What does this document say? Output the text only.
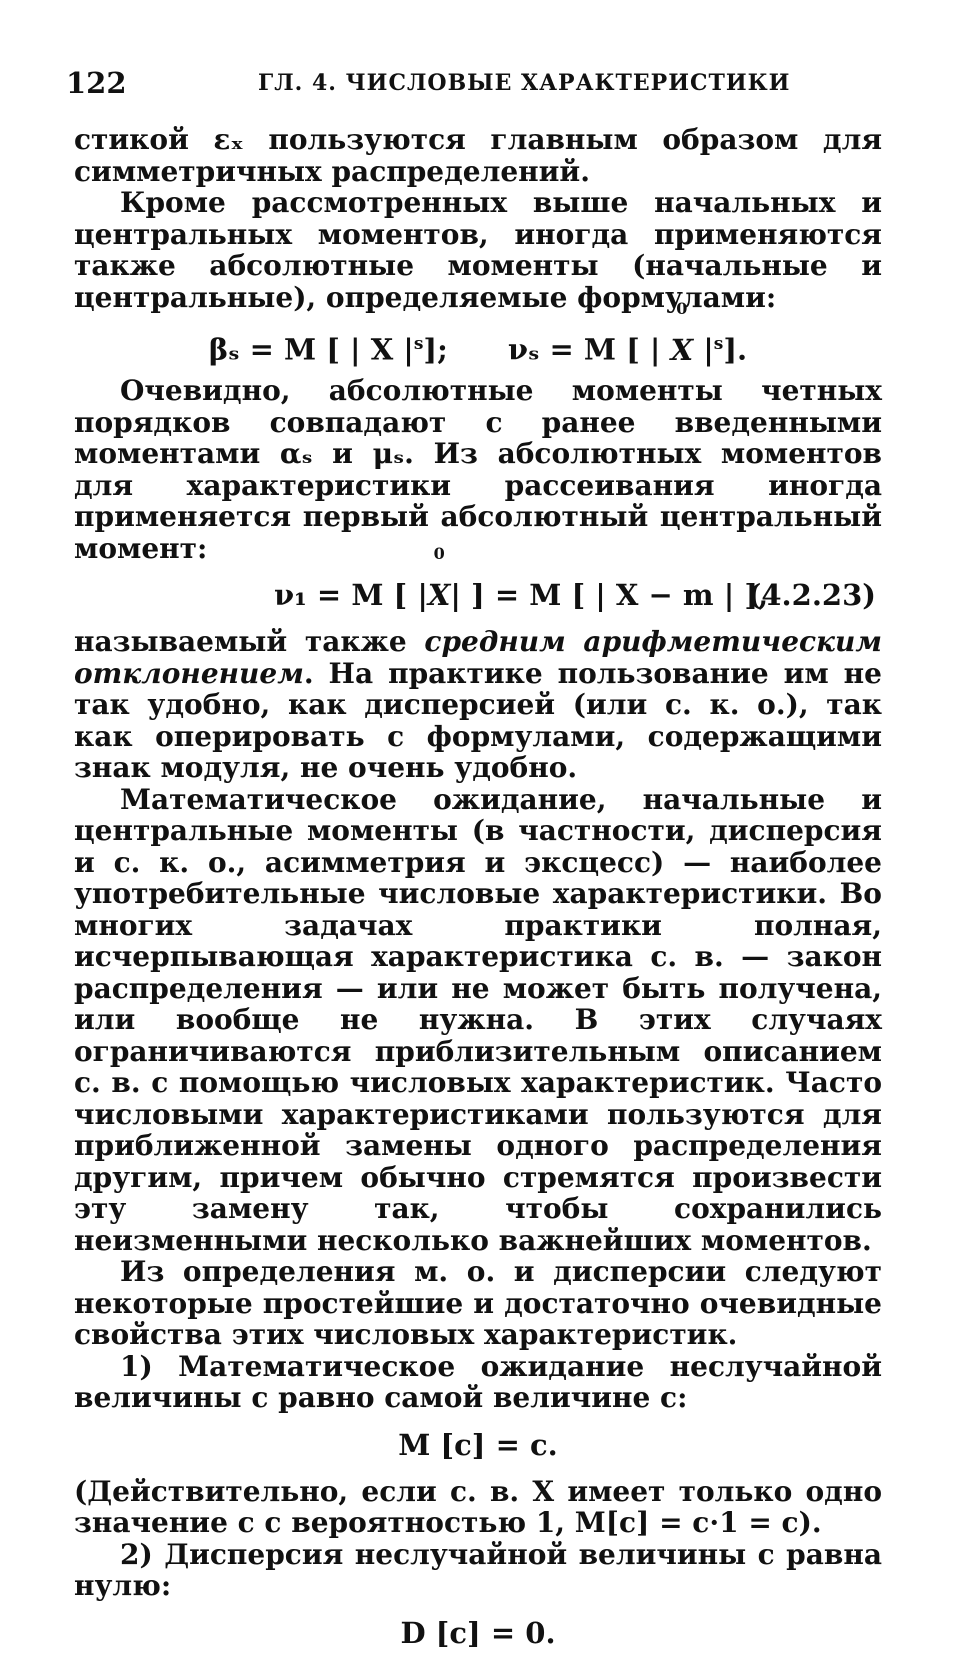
122	ГЛ. 4. ЧИСЛОВЫЕ ХАРАКТЕРИСТИКИ

стикой εₓ пользуются главным образом для симметричных распределений.

Кроме рассмотренных выше начальных и центральных моментов, иногда применяются также абсолютные моменты (начальные и центральные), определяемые формулами:

βₛ = M [ | X $|^s$]; νₛ = M [ | X 0 $|^s$].

Очевидно, абсолютные моменты четных порядков совпадают с ранее введенными моментами αₛ и μₛ. Из абсолютных моментов для характеристики рассеивания иногда применяется первый абсолютный центральный момент:

ν₁ = M [ | X 0 | ] = M [ | X − m | ],
(4.2.23)

называемый также средним арифметическим отклонением. На практике пользование им не так удобно, как дисперсией (или с. к. о.), так как оперировать с формулами, содержащими знак модуля, не очень удобно.

Математическое ожидание, начальные и центральные моменты (в частности, дисперсия и с. к. о., асимметрия и эксцесс) — наиболее употребительные числовые характеристики. Во многих задачах практики полная, исчерпывающая характеристика с. в. — закон распределения — или не может быть получена, или вообще не нужна. В этих случаях ограничиваются приблизительным описанием с. в. с помощью числовых характеристик. Часто числовыми характеристиками пользуются для приближенной замены одного распределения другим, причем обычно стремятся произвести эту замену так, чтобы сохранились неизменными несколько важнейших моментов.

Из определения м. о. и дисперсии следуют некоторые простейшие и достаточно очевидные свойства этих числовых характеристик.

1) Математическое ожидание неслучайной величины c равно самой величине c:

M [c] = c.

(Действительно, если с. в. X имеет только одно значение c с вероятностью 1, M[c] = c·1 = c).

2) Дисперсия неслучайной величины c равна нулю:

D [c] = 0.
